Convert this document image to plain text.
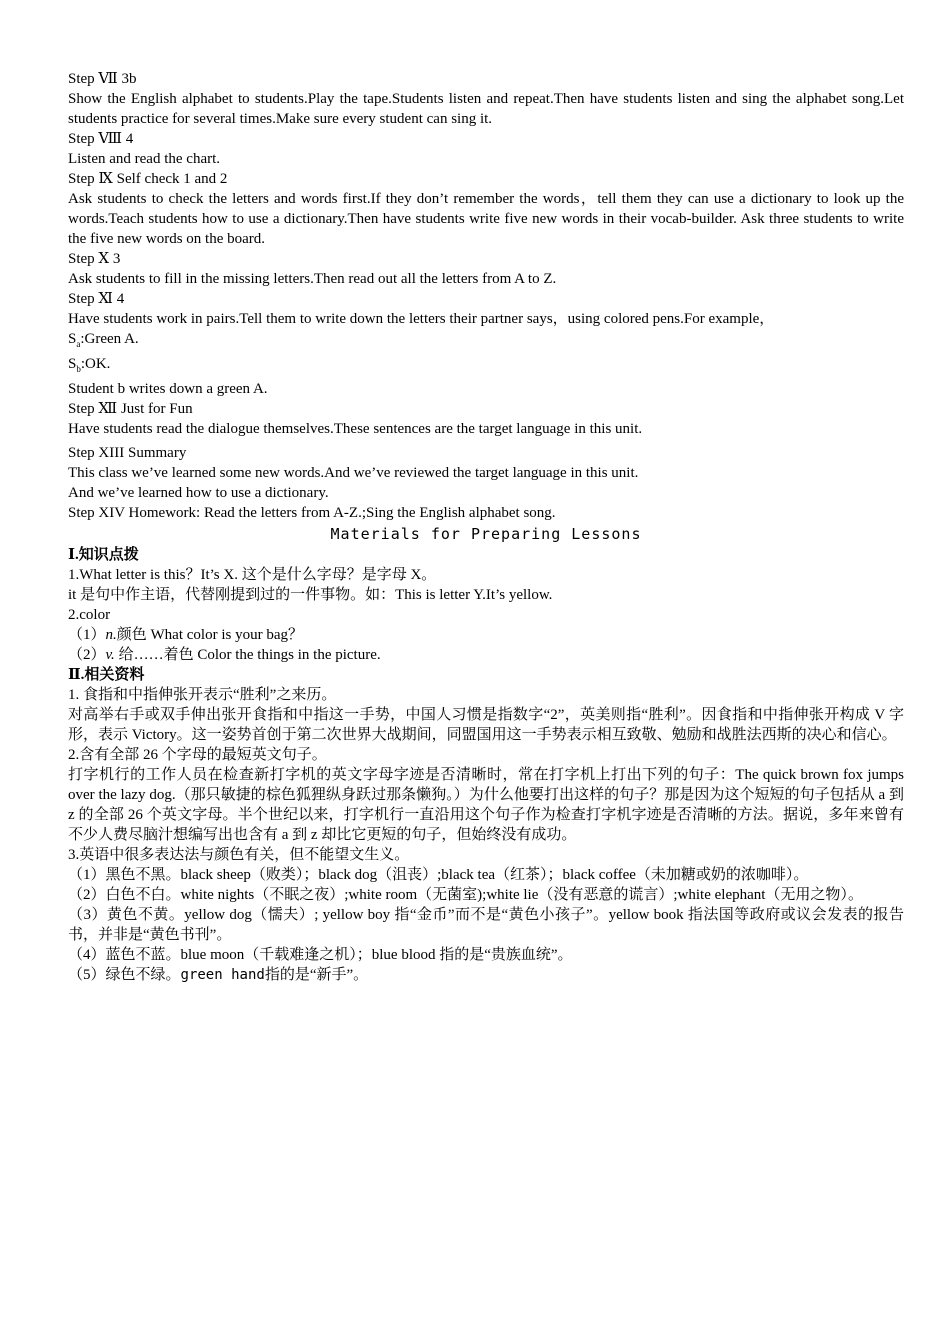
Step Ⅶ 3b
Show the English alphabet to students.Play the tape.Students listen and repeat.Then have students listen and sing the alphabet song.Let students practice for several times.Make sure every student can sing it.
Step Ⅷ 4
Listen and read the chart.
Step Ⅸ Self check 1 and 2
Ask students to check the letters and words first.If they don’t remember the words，tell them they can use a dictionary to look up the words.Teach students how to use a dictionary.Then have students write five new words in their vocab-builder. Ask three students to write the five new words on the board.
Step Ⅹ 3
Ask students to fill in the missing letters.Then read out all the letters from A to Z.
Step Ⅺ 4
Have students work in pairs.Tell them to write down the letters their partner says，using colored pens.For example，
$S_a:Green$ A.
$S_b:OK$.
Student b writes down a green A.
Step Ⅻ Just for Fun
Have students read the dialogue themselves.These sentences are the target language in this unit.
Step XIII Summary
This class we’ve learned some new words.And we’ve reviewed the target language in this unit.
And we’ve learned how to use a dictionary.
Step XIV Homework: Read the letters from A-Z.;Sing the English alphabet song.
Materials for Preparing Lessons
Ⅰ.知识点拨
1.What letter is this？It’s X. 这个是什么字母？是字母 X。
it 是句中作主语，代替刚提到过的一件事物。如：This is letter Y.It’s yellow.
2.color
（1）n.颜色 What color is your bag？
（2）v. 给……着色 Color the things in the picture.
Ⅱ.相关资料
1. 食指和中指伸张开表示“胜利”之来历。
对高举右手或双手伸出张开食指和中指这一手势，中国人习惯是指数字“2”，英美则指“胜利”。因食指和中指伸张开构成 V 字形，表示 Victory。这一姿势首创于第二次世界大战期间，同盟国用这一手势表示相互致敬、勉励和战胜法西斯的决心和信心。
2.含有全部 26 个字母的最短英文句子。
打字机行的工作人员在检查新打字机的英文字母字迹是否清晰时，常在打字机上打出下列的句子：The quick brown fox jumps over the lazy dog.（那只敏捷的棕色狐狸纵身跃过那条懒狗。）为什么他要打出这样的句子？那是因为这个短短的句子包括从 a 到 z 的全部 26 个英文字母。半个世纪以来，打字机行一直沿用这个句子作为检查打字机字迹是否清晰的方法。据说，多年来曾有不少人费尽脑汁想编写出也含有 a 到 z 却比它更短的句子，但始终没有成功。
3.英语中很多表达法与颜色有关，但不能望文生义。
（1）黑色不黑。black sheep（败类）；black dog（沮丧）;black tea（红茶）；black coffee（未加糖或奶的浓咖啡）。
（2）白色不白。white nights（不眠之夜）;white room（无菌室);white lie（没有恶意的谎言）;white elephant（无用之物）。
（3）黄色不黄。yellow dog（懦夫）; yellow boy 指“金币”而不是“黄色小孩子”。yellow book 指法国等政府或议会发表的报告书，并非是“黄色书刊”。
（4）蓝色不蓝。blue moon（千载难逢之机）；blue blood 指的是“贵族血统”。
（5）绿色不绿。green hand指的是“新手”。
